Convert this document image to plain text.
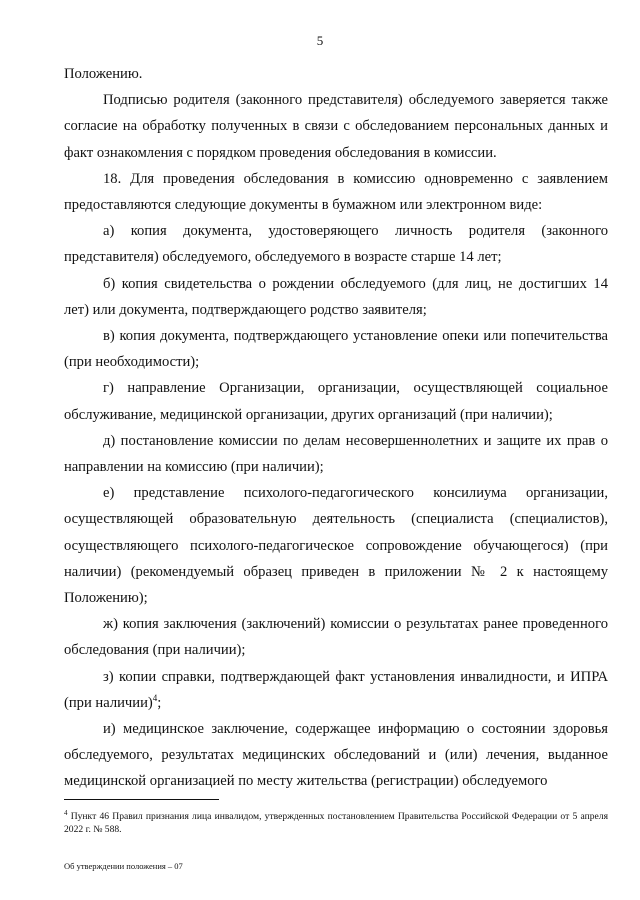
5

Положению.

Подписью родителя (законного представителя) обследуемого заверяется также согласие на обработку полученных в связи с обследованием персональных данных и факт ознакомления с порядком проведения обследования в комиссии.

18. Для проведения обследования в комиссию одновременно с заявлением предоставляются следующие документы в бумажном или электронном виде:

а) копия документа, удостоверяющего личность родителя (законного представителя) обследуемого, обследуемого в возрасте старше 14 лет;

б) копия свидетельства о рождении обследуемого (для лиц, не достигших 14 лет) или документа, подтверждающего родство заявителя;

в) копия документа, подтверждающего установление опеки или попечительства (при необходимости);

г) направление Организации, организации, осуществляющей социальное обслуживание, медицинской организации, других организаций (при наличии);

д) постановление комиссии по делам несовершеннолетних и защите их прав о направлении на комиссию (при наличии);

е) представление психолого-педагогического консилиума организации, осуществляющей образовательную деятельность (специалиста (специалистов), осуществляющего психолого-педагогическое сопровождение обучающегося) (при наличии) (рекомендуемый образец приведен в приложении № 2 к настоящему Положению);

ж) копия заключения (заключений) комиссии о результатах ранее проведенного обследования (при наличии);

з) копии справки, подтверждающей факт установления инвалидности, и ИПРА (при наличии)$^4$;

и) медицинское заключение, содержащее информацию о состоянии здоровья обследуемого, результатах медицинских обследований и (или) лечения, выданное медицинской организацией по месту жительства (регистрации) обследуемого

$^4$ Пункт 46 Правил признания лица инвалидом, утвержденных постановлением Правительства Российской Федерации от 5 апреля 2022 г. № 588.
Об утверждении положения – 07
